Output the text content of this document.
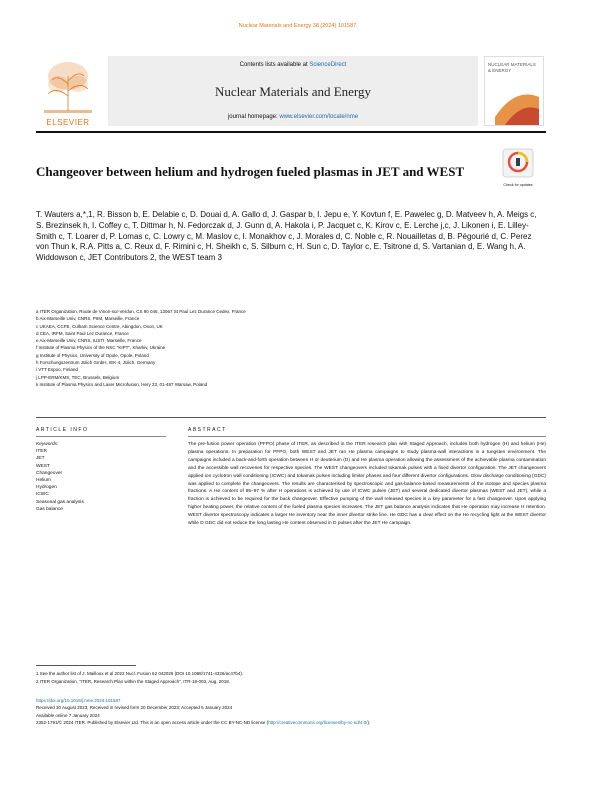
Nuclear Materials and Energy 38 (2024) 101587
ELSEVIER
Contents lists available at ScienceDirect
Nuclear Materials and Energy
journal homepage: www.elsevier.com/locate/nme
NUCLEAR MATERIALS & ENERGY
Changeover between helium and hydrogen fueled plasmas in JET and WEST
Check for updates
T. Wauters a,*,1, R. Bisson b, E. Delabie c, D. Douai d, A. Gallo d, J. Gaspar b, I. Jepu e, Y. Kovtun f, E. Pawelec g, D. Matveev h, A. Meigs c, S. Brezinsek h, I. Coffey c, T. Dittmar h, N. Fedorczak d, J. Gunn d, A. Hakola i, P. Jacquet c, K. Kirov c, E. Lerche j,c, J. Likonen i, E. Lilley-Smith c, T. Loarer d, P. Lomas c, C. Lowry c, M. Maslov c, I. Monakhov c, J. Morales d, C. Noble c, R. Nouailletas d, B. Pégourié d, C. Perez von Thun k, R.A. Pitts a, C. Reux d, F. Rimini c, H. Sheikh c, S. Silburn c, H. Sun c, D. Taylor c, E. Tsitrone d, S. Vartanian d, E. Wang h, A. Widdowson c, JET Contributors 2, the WEST team 3
a ITER Organization, Route de Vinon-sur-Verdon, CS 90 046, 13067 St Paul Lez Durance Cedex, France
b Aix-Marseille Univ, CNRS, PIIM, Marseille, France
c UKAEA, CCFE, Culham Science Centre, Abingdon, Oxon, UK
d CEA, IRFM, Saint Paul Lez Durance, France
e Aix-Marseille Univ, CNRS, IUSTI, Marseille, France
f Institute of Plasma Physics of the NSC "KIPT", Kharkiv, Ukraine
g Institute of Physics, University of Opole, Opole, Poland
h Forschungszentrum Jülich GmbH, IEK-4, Jülich, Germany
i VTT Espoo, Finland
j LPP-ERM/KMS, TEC, Brussels, Belgium
k Institute of Plasma Physics and Laser Microfusion, Hery 23, 01-497 Warsaw, Poland
ARTICLE INFO	ABSTRACT
Keywords:
ITER
JET
WEST
Changeover
Helium
Hydrogen
ICWC
Seasonal gas analysis
Gas balance
The pre-fusion power operation (PFPO) phase of ITER, as described in the ITER research plan with Staged Approach, includes both hydrogen (H) and helium (He) plasma operations. In preparation for PFPO, both WEST and JET ran He plasma campaigns to study plasma-wall interactions in a tungsten environment. The campaigns included a back-and-forth operation between H or deuterium (D) and He plasma operation allowing the assessment of the achievable plasma contamination and the accessible wall recoveries for respective species. The WEST changeovers included tokamak pulses with a fixed divertor configuration. The JET changeovers applied ion cyclotron wall conditioning (ICWC) and tokamak pulses including limiter phases and four different divertor configurations. Glow discharge conditioning (GDC) was applied to complete the changeovers. The results are characterised by spectroscopic and gas-balance-based measurements of the isotope and species plasma fractions. A He content of 85–97 % after H operations is achieved by use of ICWC pulses (JET) and several dedicated divertor plasmas (WEST and JET), while a fraction is achieved to be required for the back changeover. Effective pumping of the wall released species is a key parameter for a fast changeover. Upon applying higher heating power, the relative content of the fueled plasma species increases. The JET gas balance analysis indicates that He operation may increase H retention. WEST divertor spectroscopy indicates a larger He inventory near the inner divertor strike line. He GDC has a clear effect on the He recycling light at the WEST divertor while D GDC did not reduce the long lasting He content observed in D pulses after the JET He campaign.
1 See the author list of J. Mailloux et al 2022 Nucl. Fusion 62 042026 (DOI 10.1088/1741-4326/ac47b4).
2 ITER Organization, "ITER, Research Plan within the Staged Approach", ITR-18-003, Aug. 2018.
https://doi.org/10.1016/j.nme.2024.101587
Received 30 August 2023; Received in revised form 20 December 2023; Accepted 5 January 2024
Available online 7 January 2024
2352-1791/© 2024 ITER. Published by Elsevier Ltd. This is an open access article under the CC BY-NC-ND license (http://creativecommons.org/licenses/by-nc-nd/4.0/).
